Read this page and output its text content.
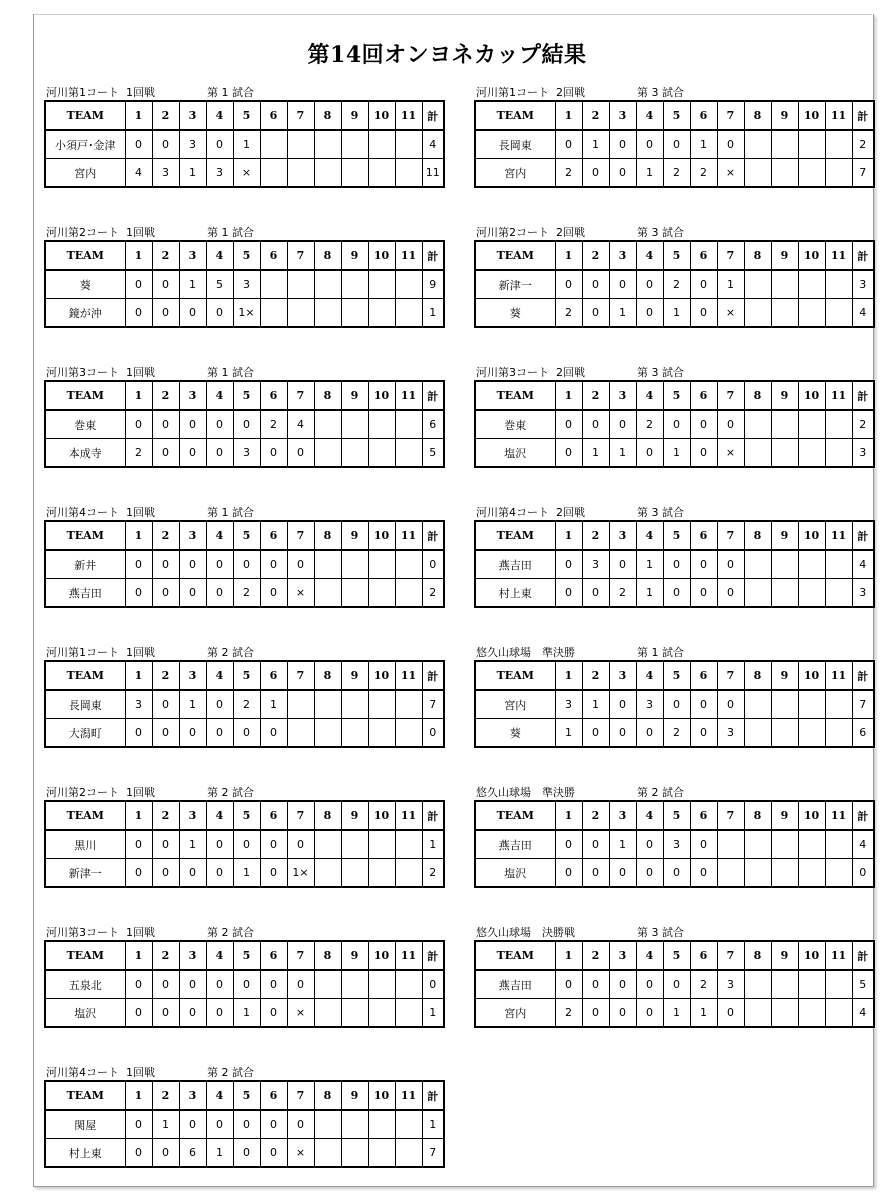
第14回オンヨネカップ結果
河川第1コート 1回戦	第 1 試合
TEAM	1	2	3	4	5	6	7	8	9	10	11	計
小須戸･金津	0	0	3	0	1							4
宮内	4	3	1	3	×							11
河川第1コート 2回戦	第 3 試合
TEAM	1	2	3	4	5	6	7	8	9	10	11	計
長岡東	0	1	0	0	0	1	0					2
宮内	2	0	0	1	2	2	×					7
河川第2コート 1回戦	第 1 試合
TEAM	1	2	3	4	5	6	7	8	9	10	11	計
葵	0	0	1	5	3							9
鏡が沖	0	0	0	0	1×							1
河川第2コート 2回戦	第 3 試合
TEAM	1	2	3	4	5	6	7	8	9	10	11	計
新津一	0	0	0	0	2	0	1					3
葵	2	0	1	0	1	0	×					4
河川第3コート 1回戦	第 1 試合
TEAM	1	2	3	4	5	6	7	8	9	10	11	計
巻東	0	0	0	0	0	2	4					6
本成寺	2	0	0	0	3	0	0					5
河川第3コート 2回戦	第 3 試合
TEAM	1	2	3	4	5	6	7	8	9	10	11	計
巻東	0	0	0	2	0	0	0					2
塩沢	0	1	1	0	1	0	×					3
河川第4コート 1回戦	第 1 試合
TEAM	1	2	3	4	5	6	7	8	9	10	11	計
新井	0	0	0	0	0	0	0					0
燕吉田	0	0	0	0	2	0	×					2
河川第4コート 2回戦	第 3 試合
TEAM	1	2	3	4	5	6	7	8	9	10	11	計
燕吉田	0	3	0	1	0	0	0					4
村上東	0	0	2	1	0	0	0					3
河川第1コート 1回戦	第 2 試合
TEAM	1	2	3	4	5	6	7	8	9	10	11	計
長岡東	3	0	1	0	2	1						7
大潟町	0	0	0	0	0	0						0
悠久山球場 準決勝	第 1 試合
TEAM	1	2	3	4	5	6	7	8	9	10	11	計
宮内	3	1	0	3	0	0	0					7
葵	1	0	0	0	2	0	3					6
河川第2コート 1回戦	第 2 試合
TEAM	1	2	3	4	5	6	7	8	9	10	11	計
黒川	0	0	1	0	0	0	0					1
新津一	0	0	0	0	1	0	1×					2
悠久山球場 準決勝	第 2 試合
TEAM	1	2	3	4	5	6	7	8	9	10	11	計
燕吉田	0	0	1	0	3	0						4
塩沢	0	0	0	0	0	0						0
河川第3コート 1回戦	第 2 試合
TEAM	1	2	3	4	5	6	7	8	9	10	11	計
五泉北	0	0	0	0	0	0	0					0
塩沢	0	0	0	0	1	0	×					1
悠久山球場 決勝戦	第 3 試合
TEAM	1	2	3	4	5	6	7	8	9	10	11	計
燕吉田	0	0	0	0	0	2	3					5
宮内	2	0	0	0	1	1	0					4
河川第4コート 1回戦	第 2 試合
TEAM	1	2	3	4	5	6	7	8	9	10	11	計
関屋	0	1	0	0	0	0	0					1
村上東	0	0	6	1	0	0	×					7
